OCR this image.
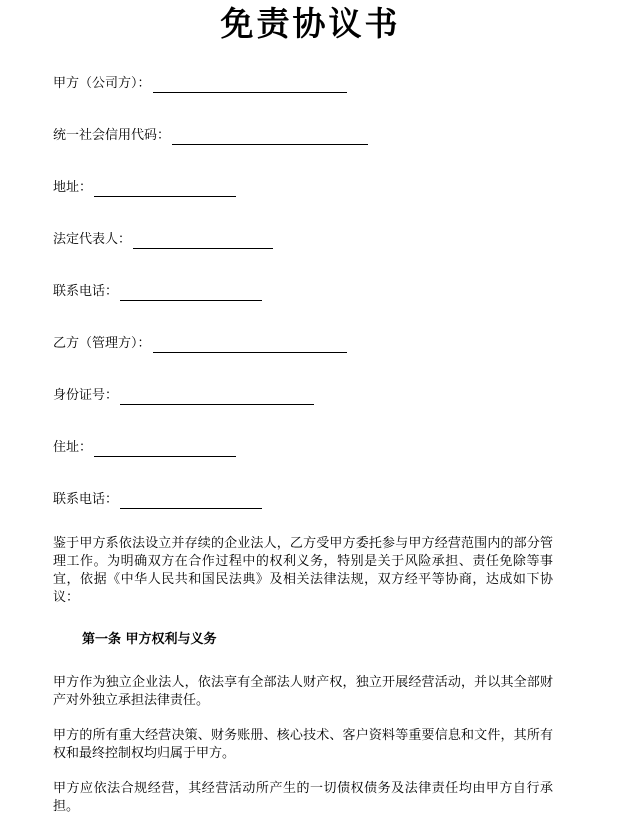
免责协议书
甲方（公司方）：
统一社会信用代码：
地址：
法定代表人：
联系电话：
乙方（管理方）：
身份证号：
住址：
联系电话：
鉴于甲方系依法设立并存续的企业法人，乙方受甲方委托参与甲方经营范围内的部分管理工作。为明确双方在合作过程中的权利义务，特别是关于风险承担、责任免除等事宜，依据《中华人民共和国民法典》及相关法律法规，双方经平等协商，达成如下协议：
第一条 甲方权利与义务
甲方作为独立企业法人，依法享有全部法人财产权，独立开展经营活动，并以其全部财产对外独立承担法律责任。
甲方的所有重大经营决策、财务账册、核心技术、客户资料等重要信息和文件，其所有权和最终控制权均归属于甲方。
甲方应依法合规经营，其经营活动所产生的一切债权债务及法律责任均由甲方自行承担。
